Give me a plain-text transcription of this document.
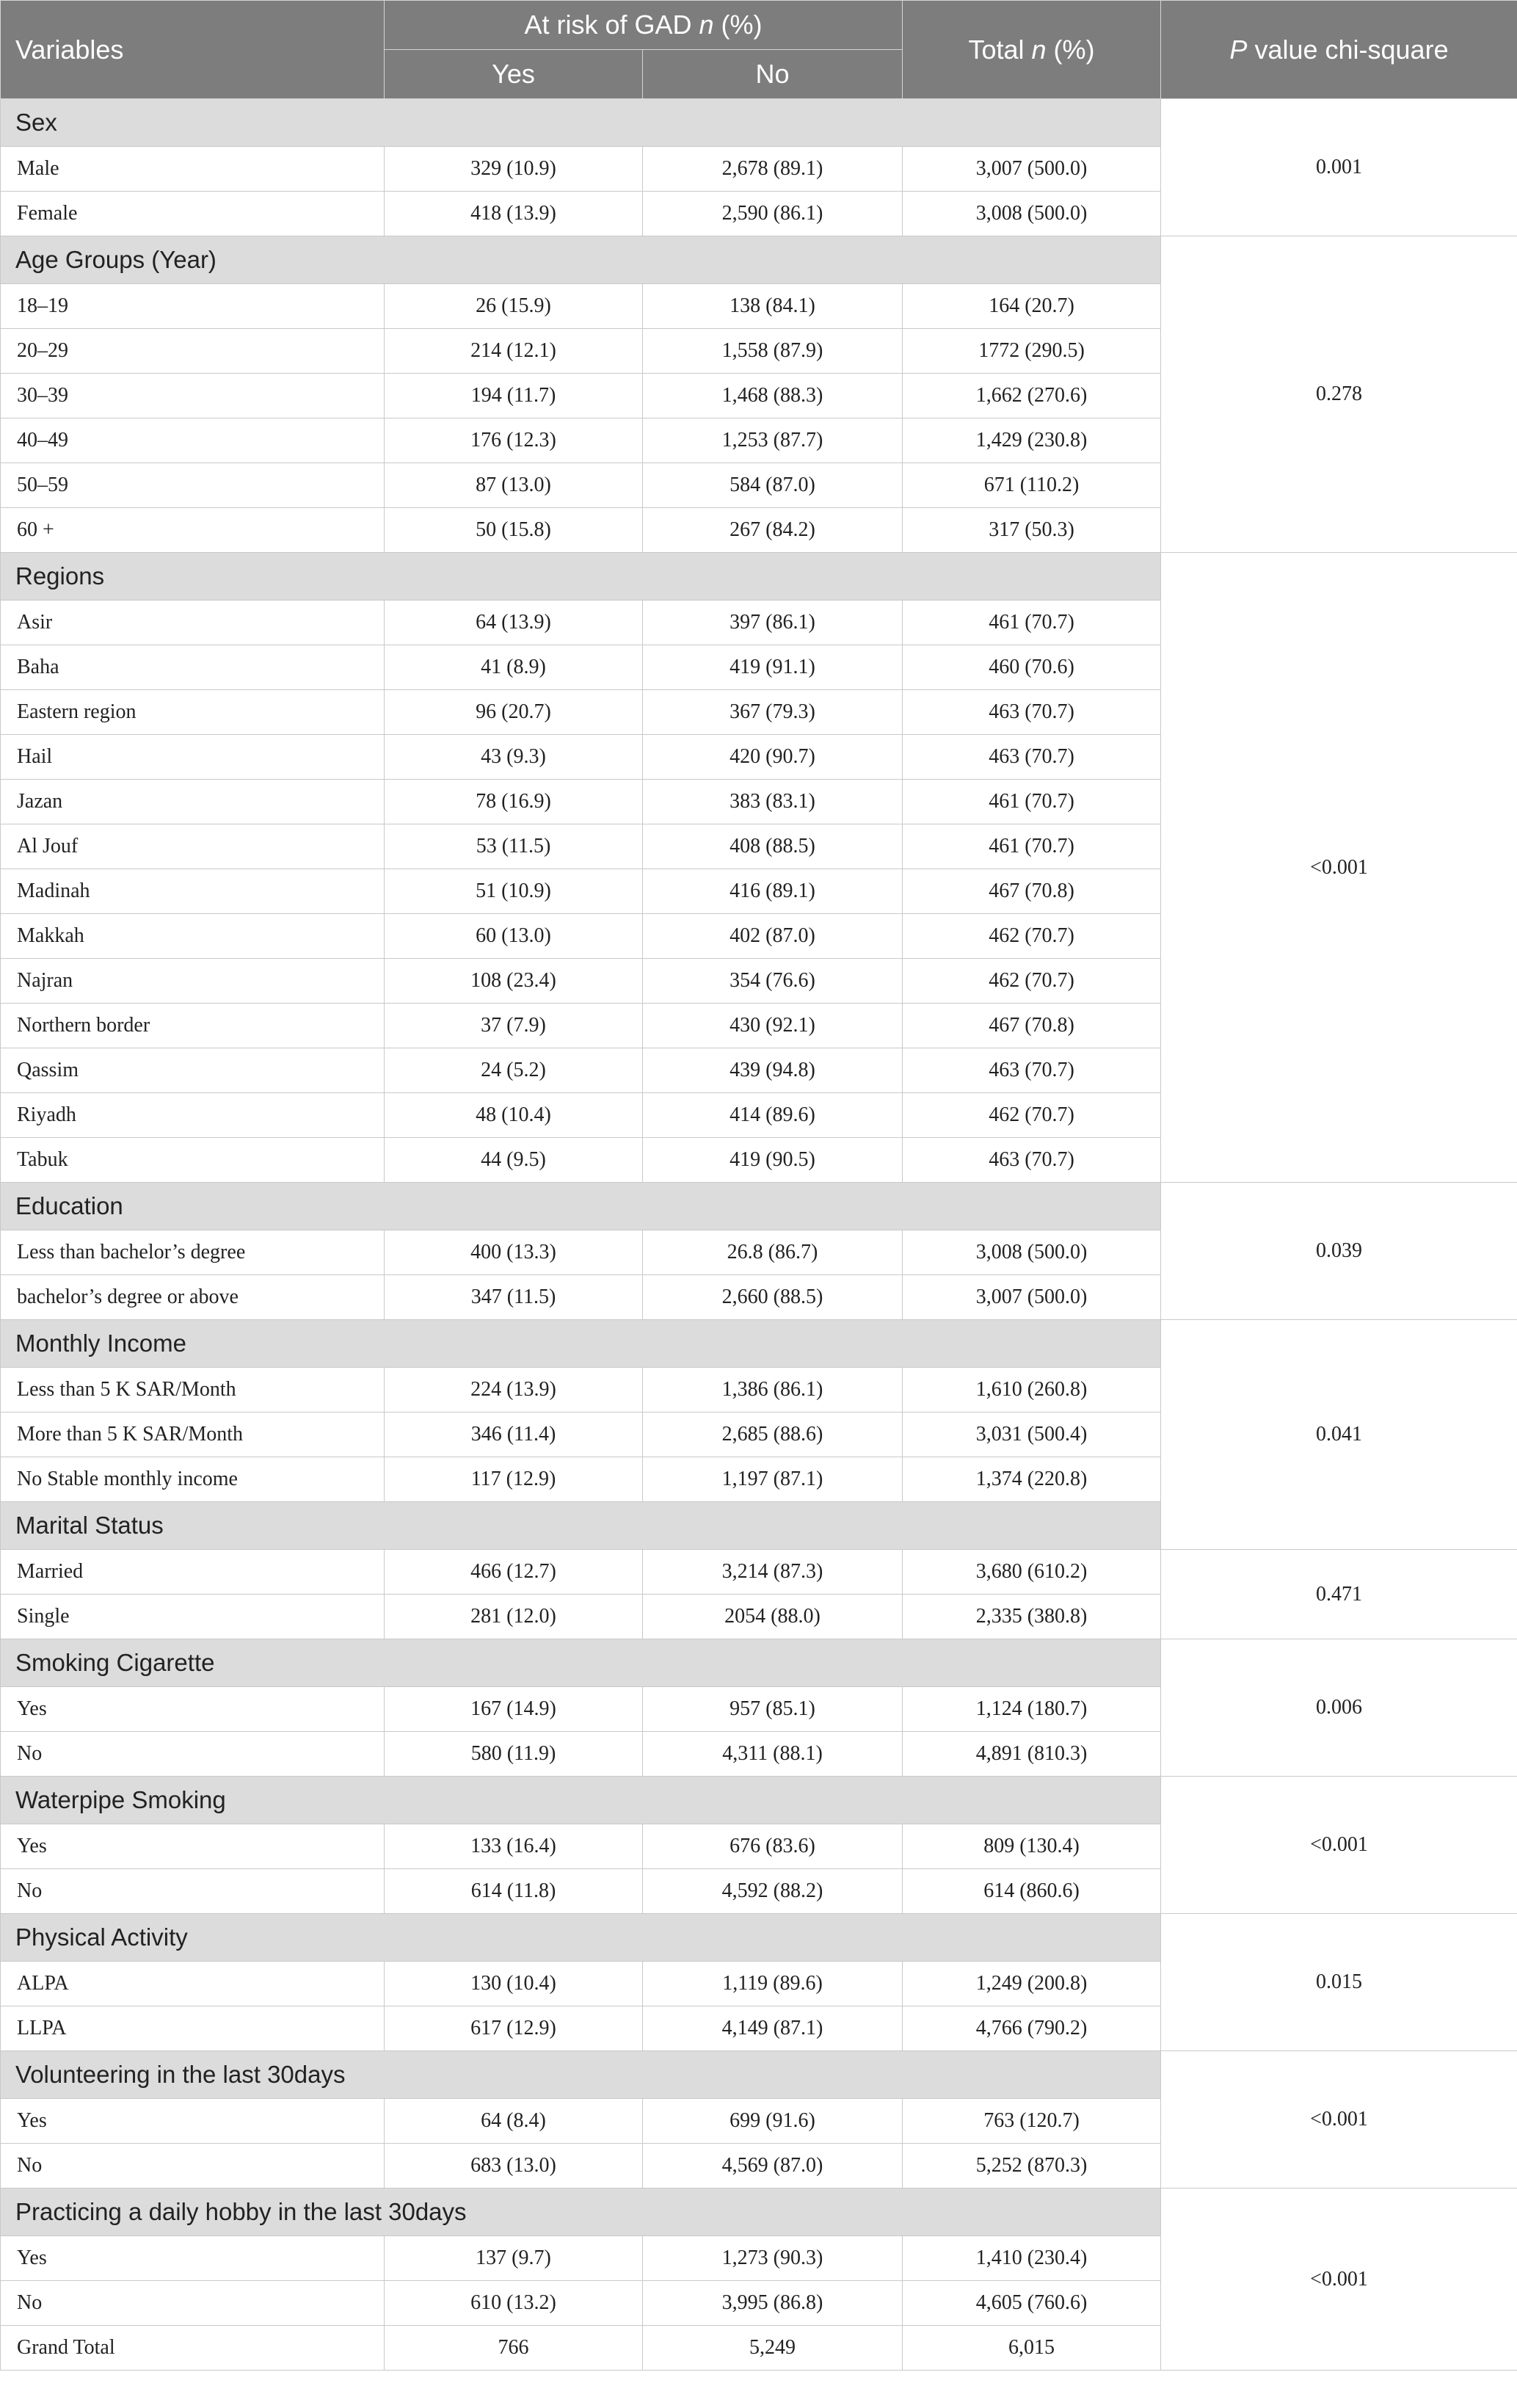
Variables	At risk of GAD n (%)		Total n (%)	P value chi-square
	Yes	No		
Sex				0.001
Male	329 (10.9)	2,678 (89.1)	3,007 (500.0)	
Female	418 (13.9)	2,590 (86.1)	3,008 (500.0)	
Age Groups (Year)				0.278
18–19	26 (15.9)	138 (84.1)	164 (20.7)	
20–29	214 (12.1)	1,558 (87.9)	1772 (290.5)	
30–39	194 (11.7)	1,468 (88.3)	1,662 (270.6)	
40–49	176 (12.3)	1,253 (87.7)	1,429 (230.8)	
50–59	87 (13.0)	584 (87.0)	671 (110.2)	
60 +	50 (15.8)	267 (84.2)	317 (50.3)	
Regions				<0.001
Asir	64 (13.9)	397 (86.1)	461 (70.7)	
Baha	41 (8.9)	419 (91.1)	460 (70.6)	
Eastern region	96 (20.7)	367 (79.3)	463 (70.7)	
Hail	43 (9.3)	420 (90.7)	463 (70.7)	
Jazan	78 (16.9)	383 (83.1)	461 (70.7)	
Al Jouf	53 (11.5)	408 (88.5)	461 (70.7)	
Madinah	51 (10.9)	416 (89.1)	467 (70.8)	
Makkah	60 (13.0)	402 (87.0)	462 (70.7)	
Najran	108 (23.4)	354 (76.6)	462 (70.7)	
Northern border	37 (7.9)	430 (92.1)	467 (70.8)	
Qassim	24 (5.2)	439 (94.8)	463 (70.7)	
Riyadh	48 (10.4)	414 (89.6)	462 (70.7)	
Tabuk	44 (9.5)	419 (90.5)	463 (70.7)	
Education				0.039
Less than bachelor’s degree	400 (13.3)	26.8 (86.7)	3,008 (500.0)	
bachelor’s degree or above	347 (11.5)	2,660 (88.5)	3,007 (500.0)	
Monthly Income				0.041
Less than 5 K SAR/Month	224 (13.9)	1,386 (86.1)	1,610 (260.8)	
More than 5 K SAR/Month	346 (11.4)	2,685 (88.6)	3,031 (500.4)	
No Stable monthly income	117 (12.9)	1,197 (87.1)	1,374 (220.8)	
Marital Status				
Married	466 (12.7)	3,214 (87.3)	3,680 (610.2)	0.471
Single	281 (12.0)	2054 (88.0)	2,335 (380.8)	
Smoking Cigarette				0.006
Yes	167 (14.9)	957 (85.1)	1,124 (180.7)	
No	580 (11.9)	4,311 (88.1)	4,891 (810.3)	
Waterpipe Smoking				<0.001
Yes	133 (16.4)	676 (83.6)	809 (130.4)	
No	614 (11.8)	4,592 (88.2)	614 (860.6)	
Physical Activity				0.015
ALPA	130 (10.4)	1,119 (89.6)	1,249 (200.8)	
LLPA	617 (12.9)	4,149 (87.1)	4,766 (790.2)	
Volunteering in the last 30days				<0.001
Yes	64 (8.4)	699 (91.6)	763 (120.7)	
No	683 (13.0)	4,569 (87.0)	5,252 (870.3)	
Practicing a daily hobby in the last 30days				<0.001
Yes	137 (9.7)	1,273 (90.3)	1,410 (230.4)	
No	610 (13.2)	3,995 (86.8)	4,605 (760.6)	
Grand Total	766	5,249	6,015	
